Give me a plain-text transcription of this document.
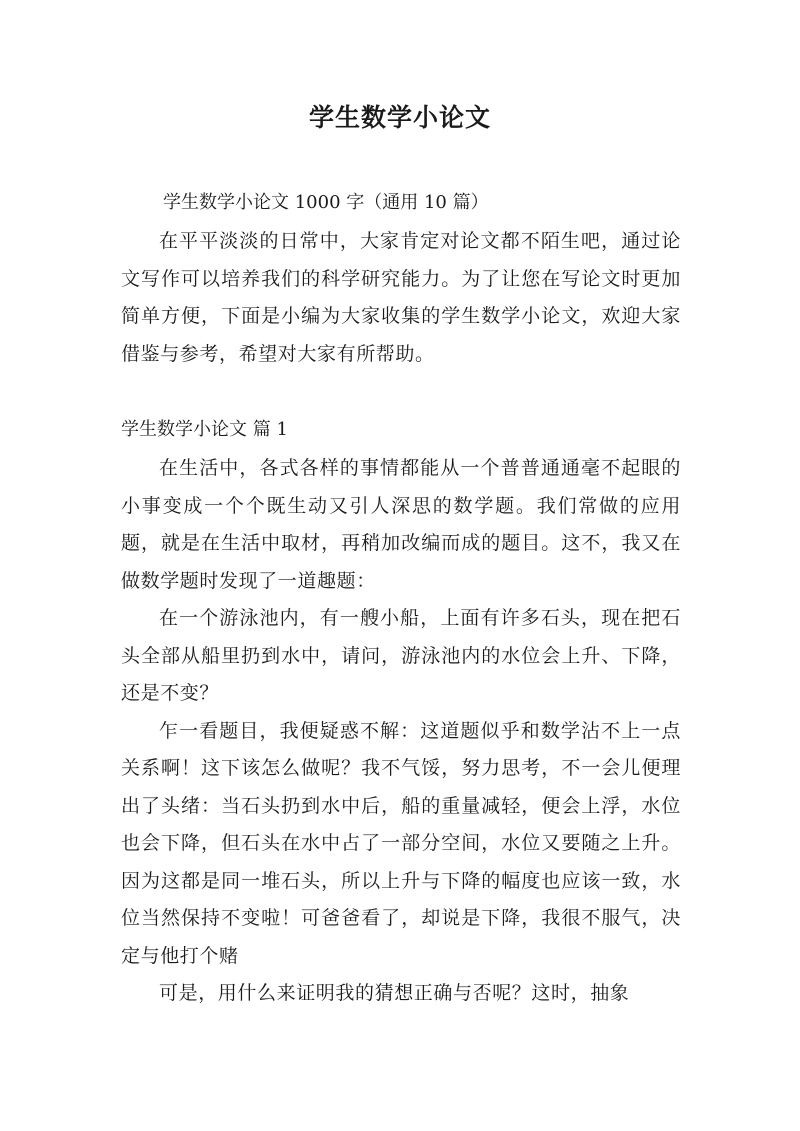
学生数学小论文

学生数学小论文 1000 字（通用 10 篇）

在平平淡淡的日常中，大家肯定对论文都不陌生吧，通过论文写作可以培养我们的科学研究能力。为了让您在写论文时更加简单方便，下面是小编为大家收集的学生数学小论文，欢迎大家借鉴与参考，希望对大家有所帮助。

学生数学小论文 篇 1

在生活中，各式各样的事情都能从一个普普通通毫不起眼的小事变成一个个既生动又引人深思的数学题。我们常做的应用题，就是在生活中取材，再稍加改编而成的题目。这不，我又在做数学题时发现了一道趣题：

在一个游泳池内，有一艘小船，上面有许多石头，现在把石头全部从船里扔到水中，请问，游泳池内的水位会上升、下降，还是不变？

乍一看题目，我便疑惑不解：这道题似乎和数学沾不上一点关系啊！这下该怎么做呢？我不气馁，努力思考，不一会儿便理出了头绪：当石头扔到水中后，船的重量减轻，便会上浮，水位也会下降，但石头在水中占了一部分空间，水位又要随之上升。因为这都是同一堆石头，所以上升与下降的幅度也应该一致，水位当然保持不变啦！可爸爸看了，却说是下降，我很不服气，决定与他打个赌

可是，用什么来证明我的猜想正确与否呢？这时，抽象
